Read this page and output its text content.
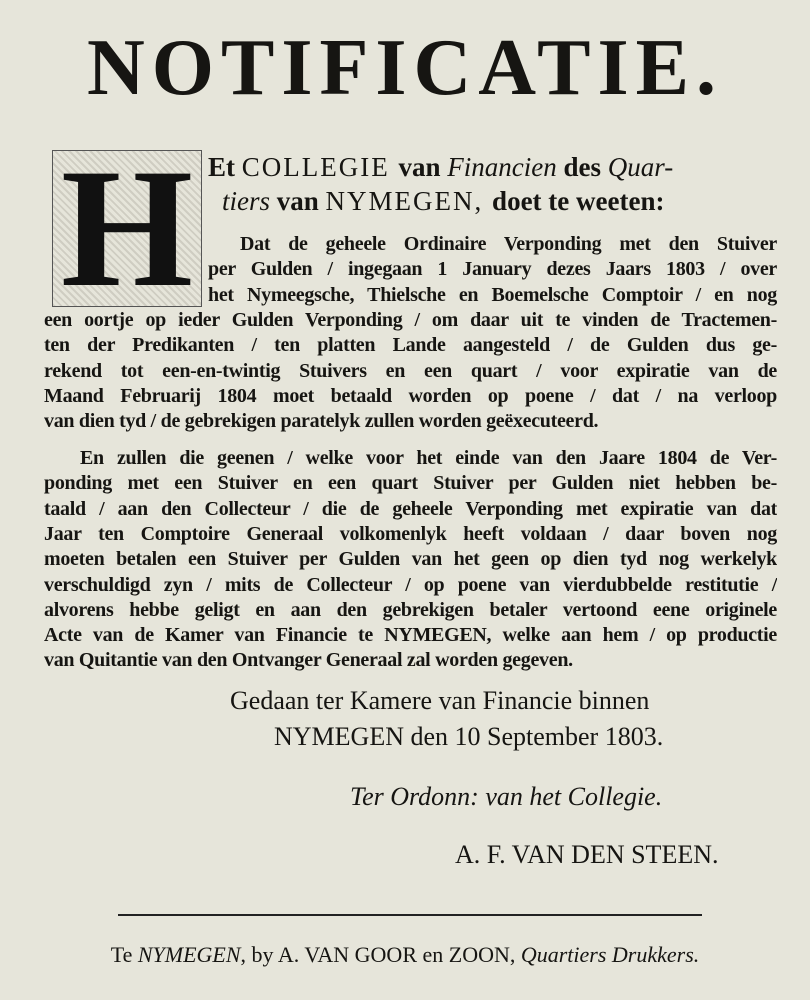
NOTIFICATIE.
H Et COLLEGIE van Financien des Quar-
tiers van NYMEGEN, doet te weeten:
Dat de geheele Ordinaire Verponding met den Stuiver
per Gulden / ingegaan 1 January dezes Jaars 1803 / over
het Nymeegsche, Thielsche en Boemelsche Comptoir / en nog
een oortje op ieder Gulden Verponding / om daar uit te vinden de Tractemen-
ten der Predikanten / ten platten Lande aangesteld / de Gulden dus ge-
rekend tot een-en-twintig Stuivers en een quart / voor expiratie van de
Maand Februarij 1804 moet betaald worden op poene / dat / na verloop
van dien tyd / de gebrekigen paratelyk zullen worden geëxecuteerd.
En zullen die geenen / welke voor het einde van den Jaare 1804 de Ver-
ponding met een Stuiver en een quart Stuiver per Gulden niet hebben be-
taald / aan den Collecteur / die de geheele Verponding met expiratie van dat
Jaar ten Comptoire Generaal volkomenlyk heeft voldaan / daar boven nog
moeten betalen een Stuiver per Gulden van het geen op dien tyd nog werkelyk
verschuldigd zyn / mits de Collecteur / op poene van vierdubbelde restitutie /
alvorens hebbe geligt en aan den gebrekigen betaler vertoond eene originele
Acte van de Kamer van Financie te NYMEGEN, welke aan hem / op productie
van Quitantie van den Ontvanger Generaal zal worden gegeven.
Gedaan ter Kamere van Financie binnen
NYMEGEN den 10 September 1803.
Ter Ordonn: van het Collegie.
A. F. VAN DEN STEEN.
Te NYMEGEN, by A. VAN GOOR en ZOON, Quartiers Drukkers.
